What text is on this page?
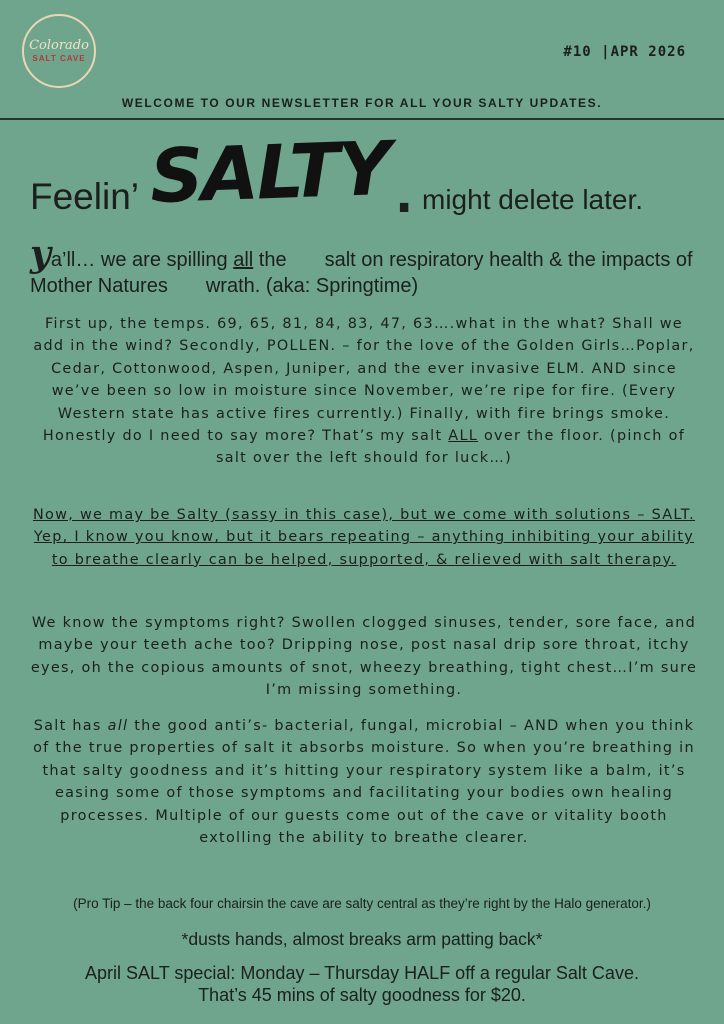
Colorado
SALT CAVE	#10 |APR 2026
WELCOME TO OUR NEWSLETTER FOR ALL YOUR SALTY UPDATES.
Feelin’ SALTY . might delete later.
ya’ll… we are spilling all the salt on respiratory health & the impacts of Mother Natures wrath. (aka: Springtime)
First up, the temps. 69, 65, 81, 84, 83, 47, 63….what in the what? Shall we add in the wind? Secondly, POLLEN. – for the love of the Golden Girls…Poplar, Cedar, Cottonwood, Aspen, Juniper, and the ever invasive ELM. AND since we’ve been so low in moisture since November, we’re ripe for fire. (Every Western state has active fires currently.) Finally, with fire brings smoke. Honestly do I need to say more? That’s my salt ALL over the floor. (pinch of salt over the left should for luck…)
Now, we may be Salty (sassy in this case), but we come with solutions – SALT. Yep, I know you know, but it bears repeating – anything inhibiting your ability to breathe clearly can be helped, supported, & relieved with salt therapy.
We know the symptoms right? Swollen clogged sinuses, tender, sore face, and maybe your teeth ache too? Dripping nose, post nasal drip sore throat, itchy eyes, oh the copious amounts of snot, wheezy breathing, tight chest…I’m sure I’m missing something.
Salt has all the good anti’s- bacterial, fungal, microbial – AND when you think of the true properties of salt it absorbs moisture. So when you’re breathing in that salty goodness and it’s hitting your respiratory system like a balm, it’s easing some of those symptoms and facilitating your bodies own healing processes. Multiple of our guests come out of the cave or vitality booth extolling the ability to breathe clearer.
(Pro Tip – the back four chairsin the cave are salty central as they’re right by the Halo generator.)
*dusts hands, almost breaks arm patting back*
April SALT special: Monday – Thursday HALF off a regular Salt Cave.
That’s 45 mins of salty goodness for $20.
